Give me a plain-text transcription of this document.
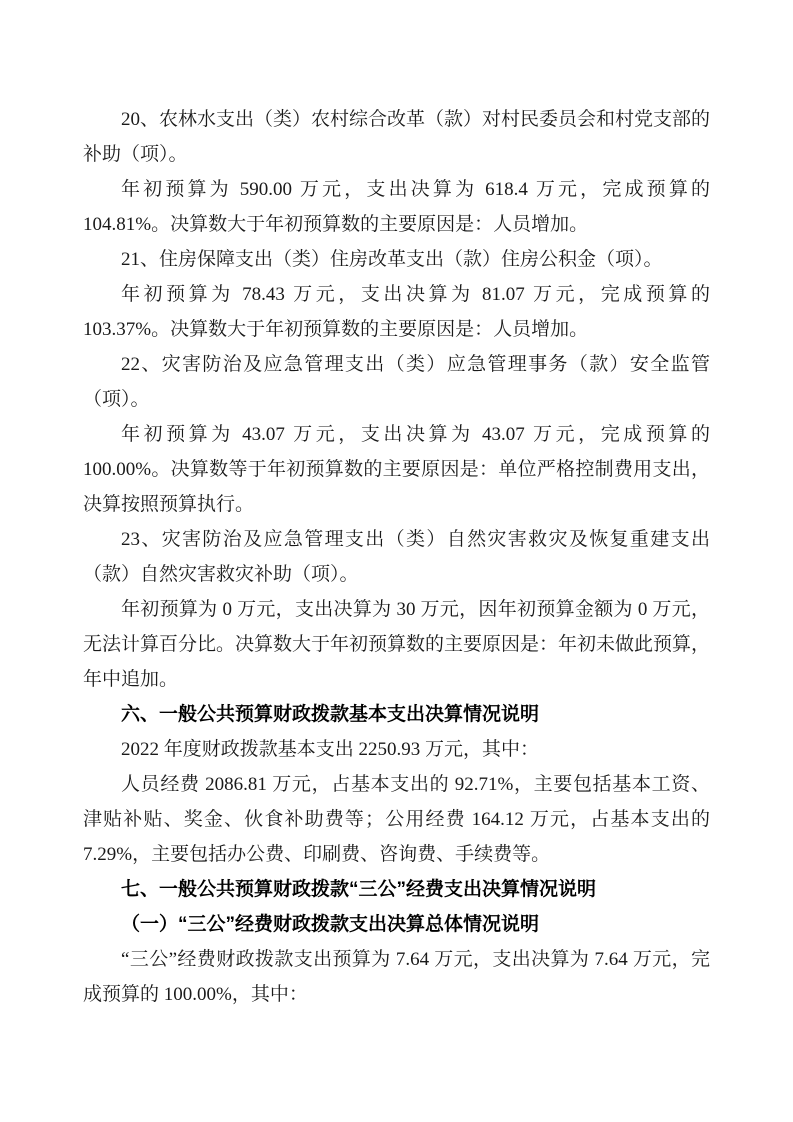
20、农林水支出（类）农村综合改革（款）对村民委员会和村党支部的补助（项）。

年初预算为 590.00 万元，支出决算为 618.4 万元，完成预算的 104.81%。决算数大于年初预算数的主要原因是：人员增加。

21、住房保障支出（类）住房改革支出（款）住房公积金（项）。

年初预算为 78.43 万元，支出决算为 81.07 万元，完成预算的 103.37%。决算数大于年初预算数的主要原因是：人员增加。

22、灾害防治及应急管理支出（类）应急管理事务（款）安全监管（项）。

年初预算为 43.07 万元，支出决算为 43.07 万元，完成预算的 100.00%。决算数等于年初预算数的主要原因是：单位严格控制费用支出，决算按照预算执行。

23、灾害防治及应急管理支出（类）自然灾害救灾及恢复重建支出（款）自然灾害救灾补助（项）。

年初预算为 0 万元，支出决算为 30 万元，因年初预算金额为 0 万元，无法计算百分比。决算数大于年初预算数的主要原因是：年初未做此预算，年中追加。

六、一般公共预算财政拨款基本支出决算情况说明

2022 年度财政拨款基本支出 2250.93 万元，其中：

人员经费 2086.81 万元，占基本支出的 92.71%，主要包括基本工资、津贴补贴、奖金、伙食补助费等；公用经费 164.12 万元，占基本支出的 7.29%，主要包括办公费、印刷费、咨询费、手续费等。

七、一般公共预算财政拨款“三公”经费支出决算情况说明

（一）“三公”经费财政拨款支出决算总体情况说明

“三公”经费财政拨款支出预算为 7.64 万元，支出决算为 7.64 万元，完成预算的 100.00%，其中：
